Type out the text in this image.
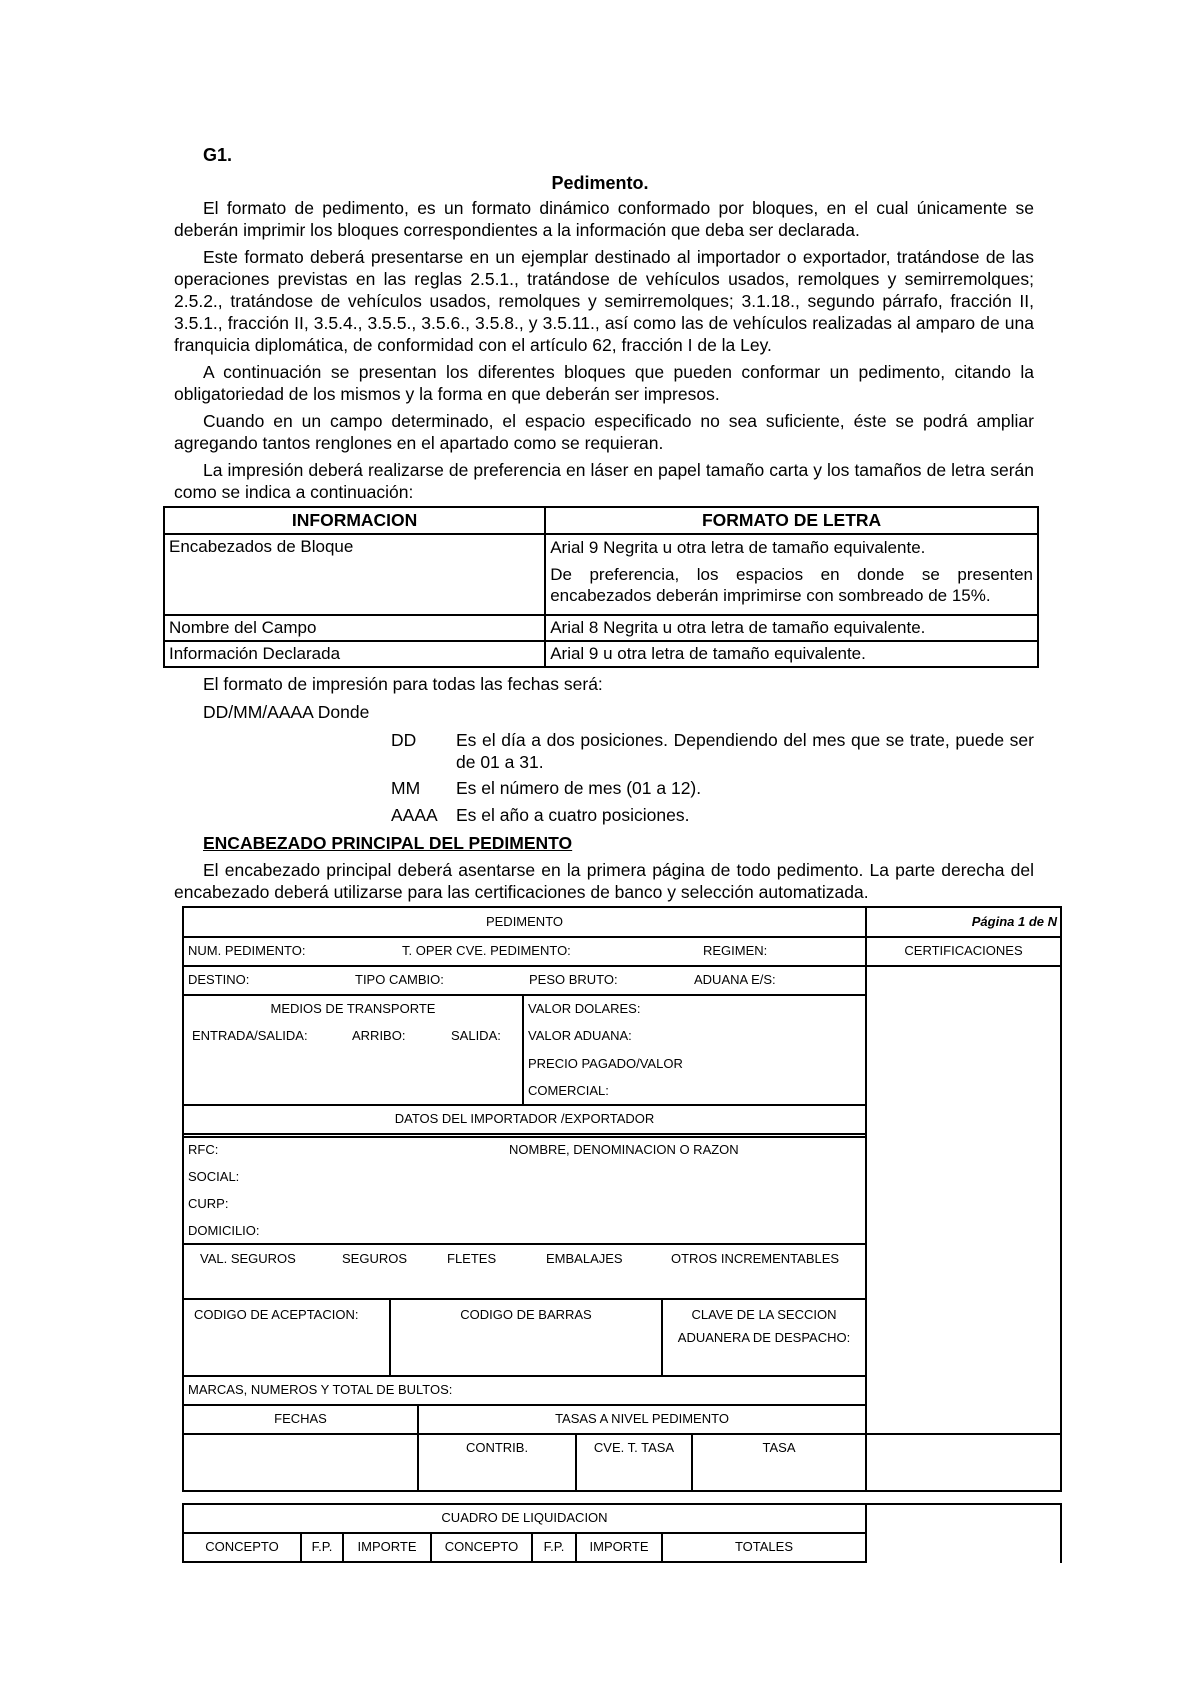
G1.
Pedimento.

El formato de pedimento, es un formato dinámico conformado por bloques, en el cual únicamente se deberán imprimir los bloques correspondientes a la información que deba ser declarada.

Este formato deberá presentarse en un ejemplar destinado al importador o exportador, tratándose de las operaciones previstas en las reglas 2.5.1., tratándose de vehículos usados, remolques y semirremolques; 2.5.2., tratándose de vehículos usados, remolques y semirremolques; 3.1.18., segundo párrafo, fracción II, 3.5.1., fracción II, 3.5.4., 3.5.5., 3.5.6., 3.5.8., y 3.5.11., así como las de vehículos realizadas al amparo de una franquicia diplomática, de conformidad con el artículo 62, fracción I de la Ley.

A continuación se presentan los diferentes bloques que pueden conformar un pedimento, citando la obligatoriedad de los mismos y la forma en que deberán ser impresos.

Cuando en un campo determinado, el espacio especificado no sea suficiente, éste se podrá ampliar agregando tantos renglones en el apartado como se requieran.

La impresión deberá realizarse de preferencia en láser en papel tamaño carta y los tamaños de letra serán como se indica a continuación:

INFORMACION	FORMATO DE LETRA
Encabezados de Bloque	Arial 9 Negrita u otra letra de tamaño equivalente.

De preferencia, los espacios en donde se presenten encabezados deberán imprimirse con sombreado de 15%.

Nombre del Campo	Arial 8 Negrita u otra letra de tamaño equivalente.
Información Declarada	Arial 9 u otra letra de tamaño equivalente.
El formato de impresión para todas las fechas será:
DD/MM/AAAA Donde
DD Es el día a dos posiciones. Dependiendo del mes que se trate, puede ser de 01 a 31.
MM Es el número de mes (01 a 12).
AAAA Es el año a cuatro posiciones.
ENCABEZADO PRINCIPAL DEL PEDIMENTO

El encabezado principal deberá asentarse en la primera página de todo pedimento. La parte derecha del encabezado deberá utilizarse para las certificaciones de banco y selección automatizada.

PEDIMENTO	Página 1 de N
NUM. PEDIMENTO:	T. OPER CVE. PEDIMENTO:	REGIMEN:	CERTIFICACIONES
DESTINO:	TIPO CAMBIO:	PESO BRUTO:	ADUANA E/S:
MEDIOS DE TRANSPORTE
ENTRADA/SALIDA:	ARRIBO:	SALIDA:
VALOR DOLARES:
VALOR ADUANA:
PRECIO PAGADO/VALOR
COMERCIAL:
DATOS DEL IMPORTADOR /EXPORTADOR
RFC:	NOMBRE, DENOMINACION O RAZON
SOCIAL:
CURP:
DOMICILIO:
VAL. SEGUROS	SEGUROS	FLETES	EMBALAJES	OTROS INCREMENTABLES
CODIGO DE ACEPTACION:	CODIGO DE BARRAS	CLAVE DE LA SECCION
ADUANERA DE DESPACHO:
MARCAS, NUMEROS Y TOTAL DE BULTOS:
FECHAS	TASAS A NIVEL PEDIMENTO
CONTRIB.	CVE. T. TASA	TASA
CUADRO DE LIQUIDACION
CONCEPTO	F.P.	IMPORTE	CONCEPTO	F.P.	IMPORTE	TOTALES
